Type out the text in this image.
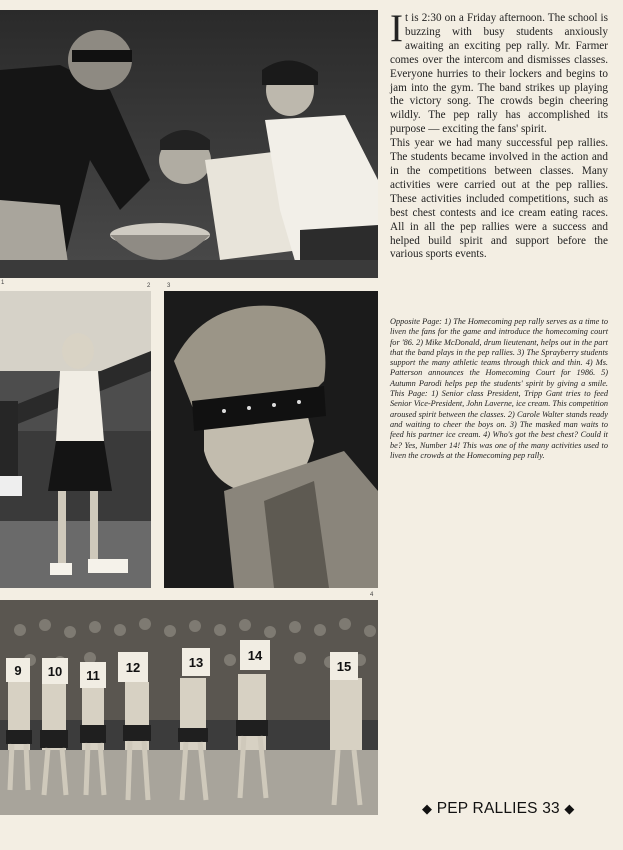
1	2	3
9 10 11
12	13	14
15
4

It is 2:30 on a Friday afternoon. The school is buzzing with busy students anxiously awaiting an exciting pep rally. Mr. Farmer comes over the intercom and dismisses classes. Everyone hurries to their lockers and begins to jam into the gym. The band strikes up playing the victory song. The crowds begin cheering wildly. The pep rally has accomplished its purpose — exciting the fans' spirit.

This year we had many successful pep rallies. The students became involved in the action and in the competitions between classes. Many activities were carried out at the pep rallies. These activities included competitions, such as best chest contests and ice cream eating races. All in all the pep rallies were a success and helped build spirit and support before the various sports events.

Opposite Page: 1) The Homecoming pep rally serves as a time to liven the fans for the game and introduce the homecoming court for '86. 2) Mike McDonald, drum lieutenant, helps out in the part that the band plays in the pep rallies. 3) The Sprayberry students support the many athletic teams through thick and thin. 4) Ms. Patterson announces the Homecoming Court for 1986. 5) Autumn Parodi helps pep the students' spirit by giving a smile. This Page: 1) Senior class President, Tripp Gant tries to feed Senior Vice-President, John Laverne, ice cream. This competition aroused spirit between the classes. 2) Carole Walter stands ready and waiting to cheer the boys on. 3) The masked man waits to feed his partner ice cream. 4) Who's got the best chest? Could it be? Yes, Number 14! This was one of the many activities used to liven the crowds at the Homecoming pep rally.
◆ PEP RALLIES 33 ◆
